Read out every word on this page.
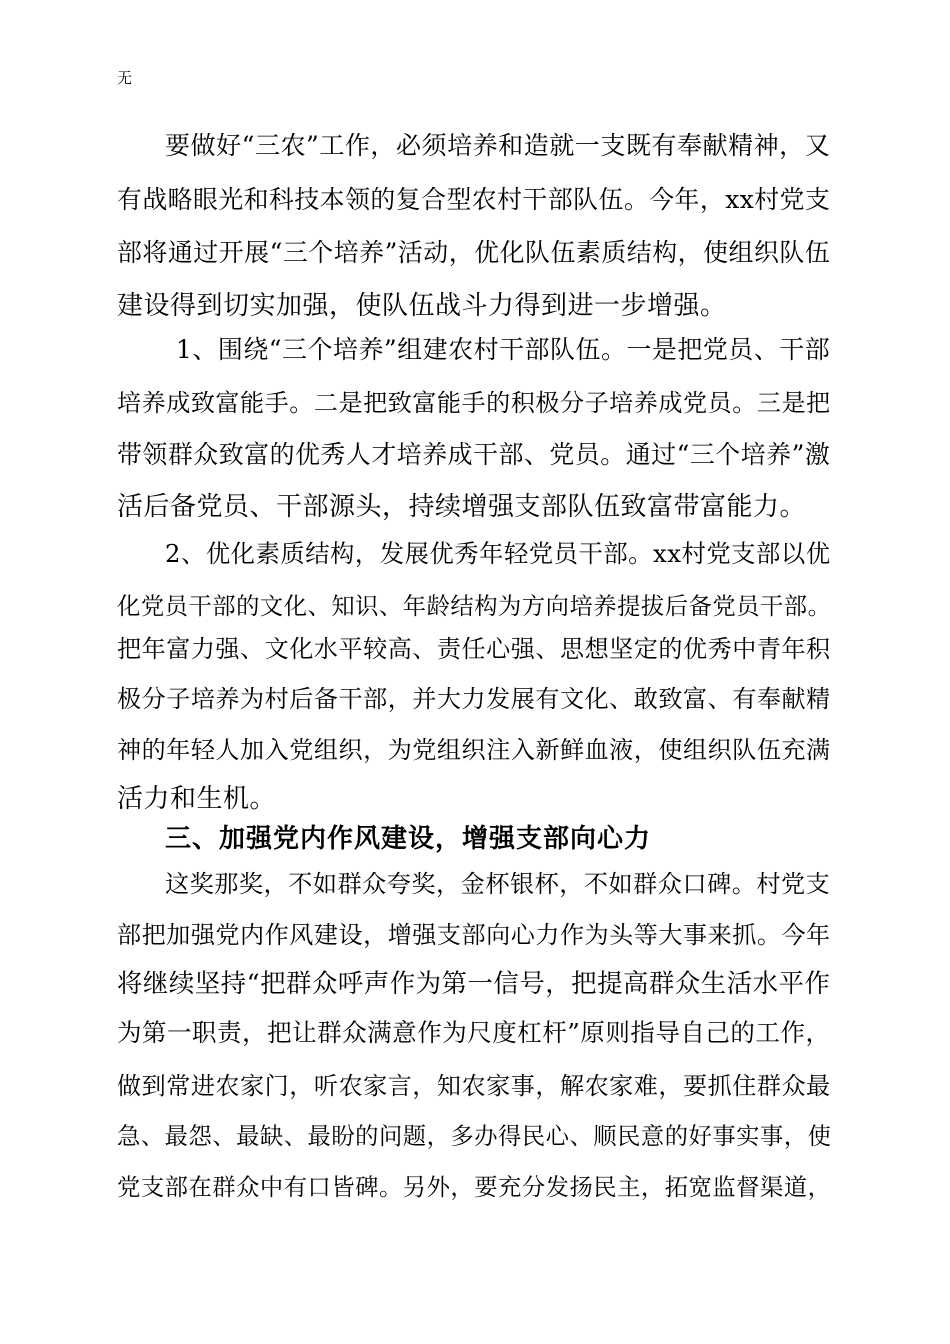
无
要做好“三农”工作，必须培养和造就一支既有奉献精神，又
有战略眼光和科技本领的复合型农村干部队伍。今年，xx村党支
部将通过开展“三个培养”活动，优化队伍素质结构，使组织队伍
建设得到切实加强，使队伍战斗力得到进一步增强。
1、围绕“三个培养”组建农村干部队伍。一是把党员、干部
培养成致富能手。二是把致富能手的积极分子培养成党员。三是把
带领群众致富的优秀人才培养成干部、党员。通过“三个培养”激
活后备党员、干部源头，持续增强支部队伍致富带富能力。
2、优化素质结构，发展优秀年轻党员干部。xx村党支部以优
化党员干部的文化、知识、年龄结构为方向培养提拔后备党员干部。
把年富力强、文化水平较高、责任心强、思想坚定的优秀中青年积
极分子培养为村后备干部，并大力发展有文化、敢致富、有奉献精
神的年轻人加入党组织，为党组织注入新鲜血液，使组织队伍充满
活力和生机。
三、加强党内作风建设，增强支部向心力
这奖那奖，不如群众夸奖，金杯银杯，不如群众口碑。村党支
部把加强党内作风建设，增强支部向心力作为头等大事来抓。今年
将继续坚持“把群众呼声作为第一信号，把提高群众生活水平作
为第一职责，把让群众满意作为尺度杠杆”原则指导自己的工作，
做到常进农家门，听农家言，知农家事，解农家难，要抓住群众最
急、最怨、最缺、最盼的问题，多办得民心、顺民意的好事实事，使
党支部在群众中有口皆碑。另外，要充分发扬民主，拓宽监督渠道，
